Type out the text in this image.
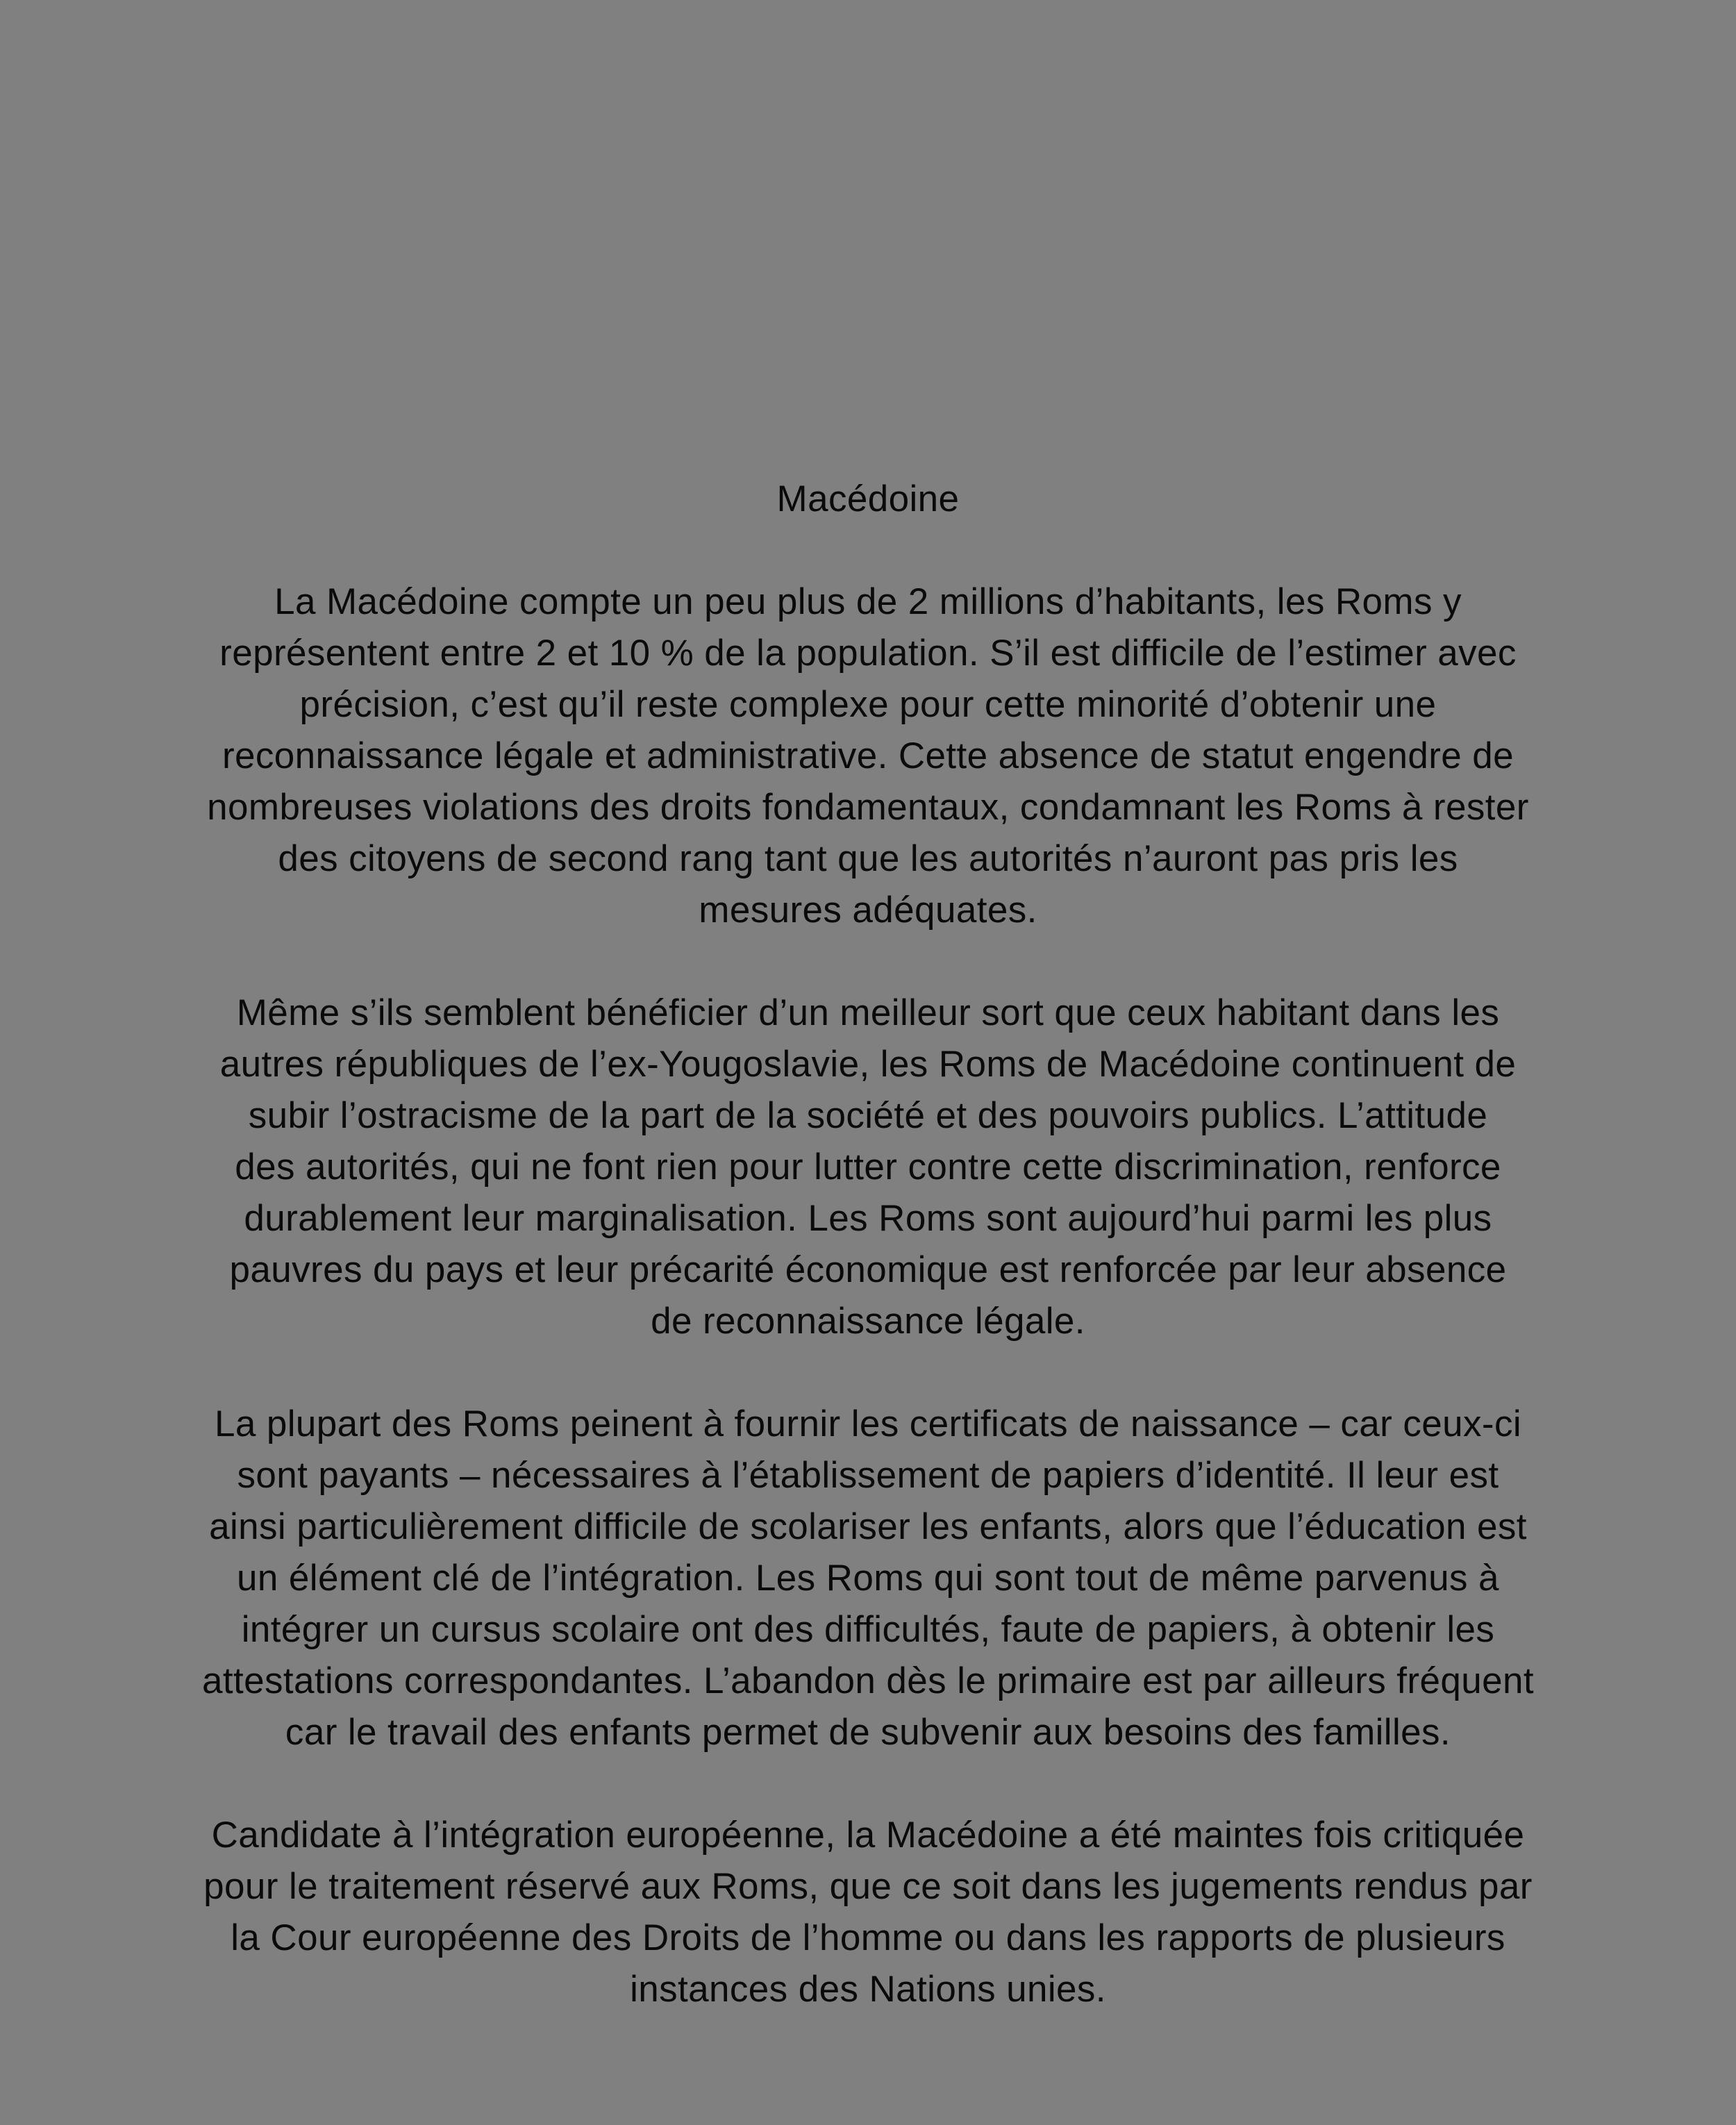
Macédoine

La Macédoine compte un peu plus de 2 millions d’habitants, les Roms y
représentent entre 2 et 10 % de la population. S’il est difficile de l’estimer avec
précision, c’est qu’il reste complexe pour cette minorité d’obtenir une
reconnaissance légale et administrative. Cette absence de statut engendre de
nombreuses violations des droits fondamentaux, condamnant les Roms à rester
des citoyens de second rang tant que les autorités n’auront pas pris les
mesures adéquates.

Même s’ils semblent bénéficier d’un meilleur sort que ceux habitant dans les
autres républiques de l’ex-Yougoslavie, les Roms de Macédoine continuent de
subir l’ostracisme de la part de la société et des pouvoirs publics. L’attitude
des autorités, qui ne font rien pour lutter contre cette discrimination, renforce
durablement leur marginalisation. Les Roms sont aujourd’hui parmi les plus
pauvres du pays et leur précarité économique est renforcée par leur absence
de reconnaissance légale.

La plupart des Roms peinent à fournir les certificats de naissance – car ceux-ci
sont payants – nécessaires à l’établissement de papiers d’identité. Il leur est
ainsi particulièrement difficile de scolariser les enfants, alors que l’éducation est
un élément clé de l’intégration. Les Roms qui sont tout de même parvenus à
intégrer un cursus scolaire ont des difficultés, faute de papiers, à obtenir les
attestations correspondantes. L’abandon dès le primaire est par ailleurs fréquent
car le travail des enfants permet de subvenir aux besoins des familles.

Candidate à l’intégration européenne, la Macédoine a été maintes fois critiquée
pour le traitement réservé aux Roms, que ce soit dans les jugements rendus par
la Cour européenne des Droits de l’homme ou dans les rapports de plusieurs
instances des Nations unies.
